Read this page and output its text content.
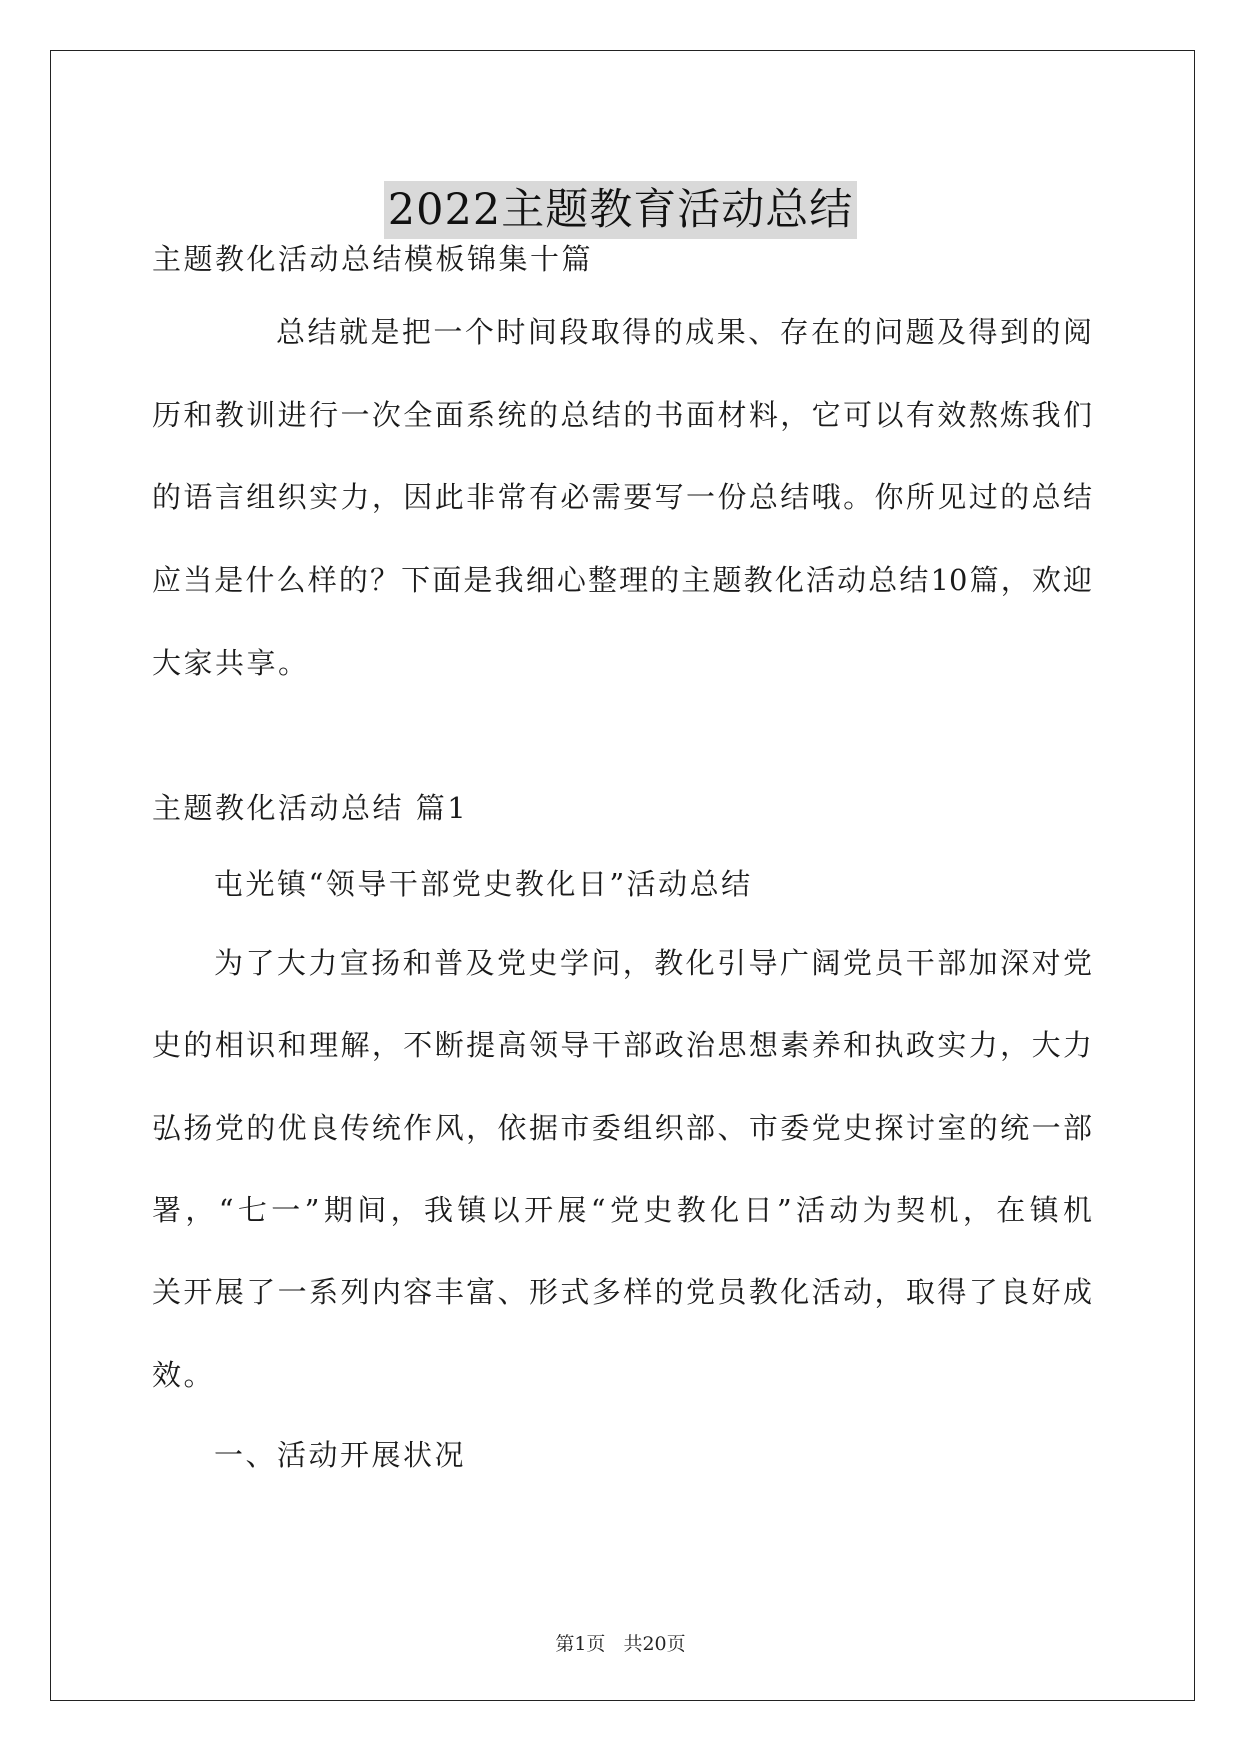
2022主题教育活动总结
主题教化活动总结模板锦集十篇
总结就是把一个时间段取得的成果、存在的问题及得到的阅
历和教训进行一次全面系统的总结的书面材料，它可以有效熬炼我们
的语言组织实力，因此非常有必需要写一份总结哦。你所见过的总结
应当是什么样的？下面是我细心整理的主题教化活动总结10篇，欢迎
大家共享。
主题教化活动总结 篇1
屯光镇“领导干部党史教化日”活动总结
为了大力宣扬和普及党史学问，教化引导广阔党员干部加深对党
史的相识和理解，不断提高领导干部政治思想素养和执政实力，大力
弘扬党的优良传统作风，依据市委组织部、市委党史探讨室的统一部
署，“七一”期间，我镇以开展“党史教化日”活动为契机，在镇机
关开展了一系列内容丰富、形式多样的党员教化活动，取得了良好成
效。
一、活动开展状况
第1页 共20页
